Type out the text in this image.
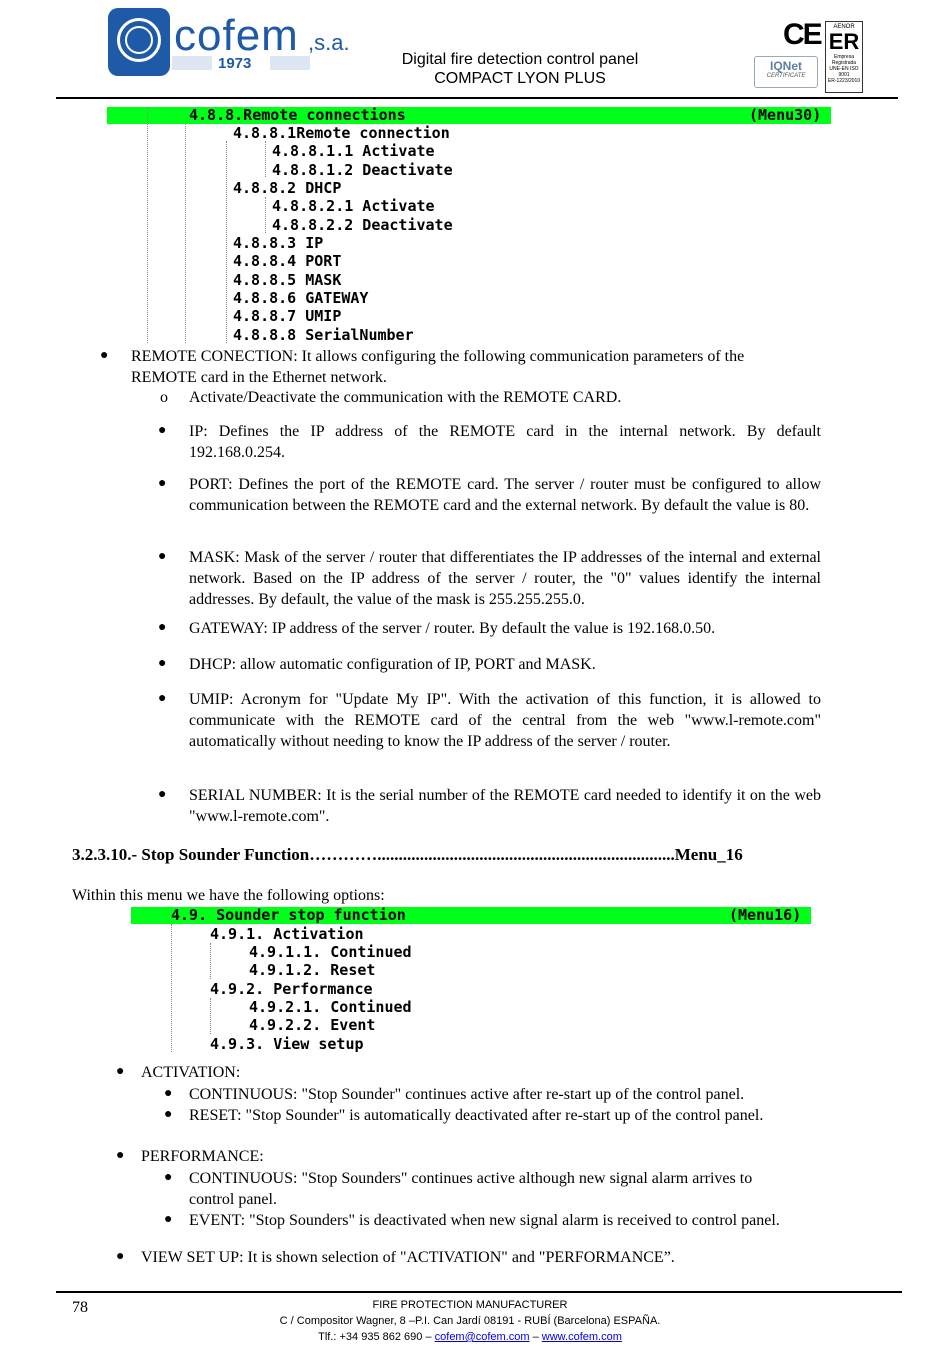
cofem ,s.a.
1973	Digital fire detection control panel
COMPACT LYON PLUS
CE
IQNet
CERTIFICATE
AENOR
ER
Empresa
Registrada
UNE-EN ISO 9001
ER-1223/2010

4.8.8.Remote connections

	(Menu30)

4.8.8.1Remote connection
4.8.8.1.1 Activate
4.8.8.1.2 Deactivate
4.8.8.2 DHCP
4.8.8.2.1 Activate
4.8.8.2.2 Deactivate
4.8.8.3 IP
4.8.8.4 PORT
4.8.8.5 MASK
4.8.8.6 GATEWAY
4.8.8.7 UMIP
4.8.8.8 SerialNumber
● REMOTE CONECTION: It allows configuring the following communication parameters of the
REMOTE card in the Ethernet network.
o Activate/Deactivate the communication with the REMOTE CARD.
● IP: Defines the IP address of the REMOTE card in the internal network. By default 192.168.0.254.
● PORT: Defines the port of the REMOTE card. The server / router must be configured to allow communication between the REMOTE card and the external network. By default the value is 80.
● MASK: Mask of the server / router that differentiates the IP addresses of the internal and external network. Based on the IP address of the server / router, the "0" values identify the internal addresses. By default, the value of the mask is 255.255.255.0.
● GATEWAY: IP address of the server / router. By default the value is 192.168.0.50.
● DHCP: allow automatic configuration of IP, PORT and MASK.
● UMIP: Acronym for "Update My IP". With the activation of this function, it is allowed to communicate with the REMOTE card of the central from the web "www.l-remote.com" automatically without needing to know the IP address of the server / router.
● SERIAL NUMBER: It is the serial number of the REMOTE card needed to identify it on the web "www.l-remote.com".
3.2.3.10.- Stop Sounder Function…………......................................................................Menu_16
Within this menu we have the following options:

4.9. Sounder stop function

	(Menu16)

4.9.1. Activation
4.9.1.1. Continued
4.9.1.2. Reset
4.9.2. Performance
4.9.2.1. Continued
4.9.2.2. Event
4.9.3. View setup
● ACTIVATION:
● CONTINUOUS: "Stop Sounder" continues active after re-start up of the control panel.
● RESET: "Stop Sounder" is automatically deactivated after re-start up of the control panel.
● PERFORMANCE:
● CONTINUOUS: "Stop Sounders" continues active although new signal alarm arrives to
control panel.
● EVENT: "Stop Sounders" is deactivated when new signal alarm is received to control panel.
● VIEW SET UP: It is shown selection of "ACTIVATION" and "PERFORMANCE”.
78	FIRE PROTECTION MANUFACTURER
C / Compositor Wagner, 8 –P.I. Can Jardí 08191 - RUBÍ (Barcelona) ESPAÑA.
Tlf.: +34 935 862 690 – cofem@cofem.com – www.cofem.com
